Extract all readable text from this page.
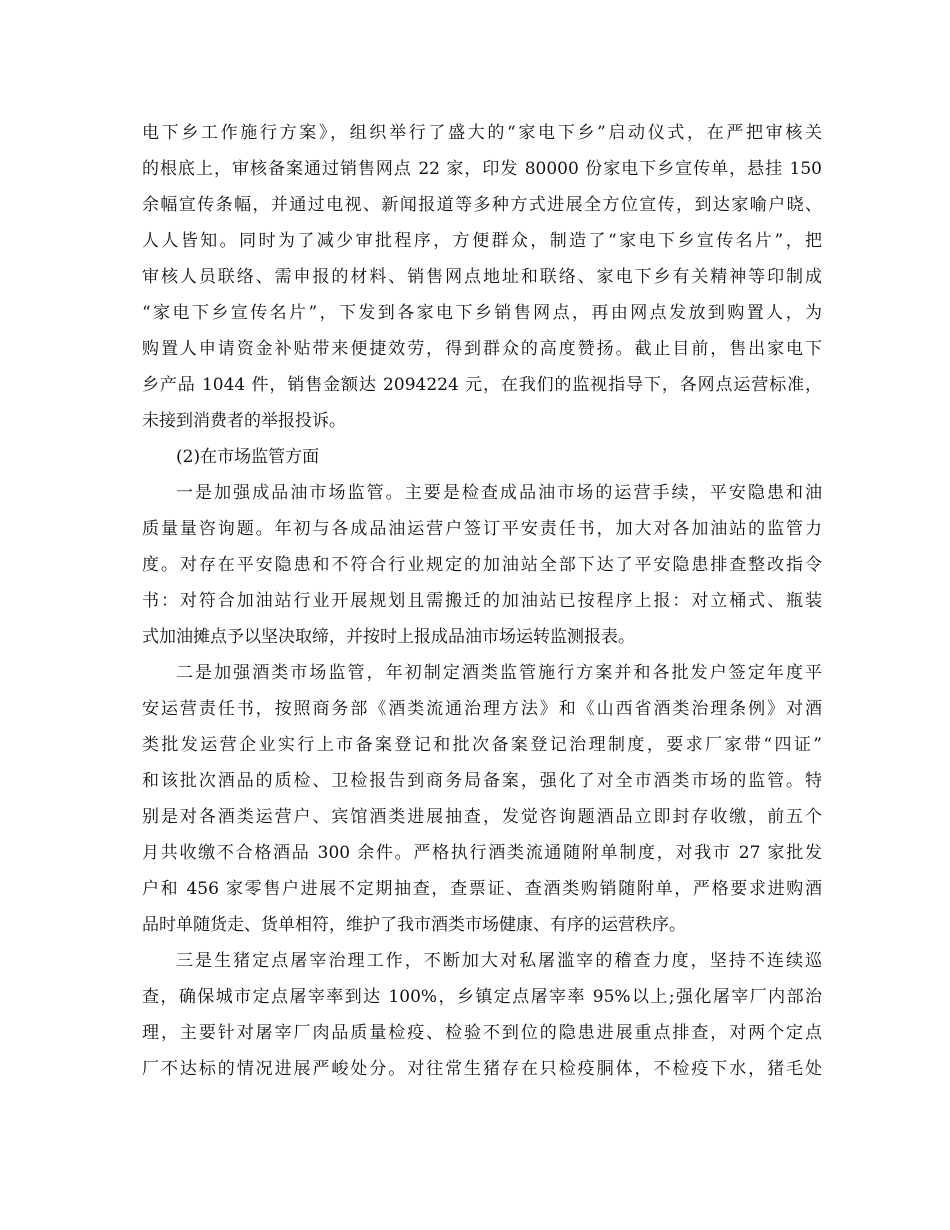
电下乡工作施行方案》，组织举行了盛大的“家电下乡”启动仪式，在严把审核关
的根底上，审核备案通过销售网点 22 家，印发 80000 份家电下乡宣传单，悬挂 150
余幅宣传条幅，并通过电视、新闻报道等多种方式进展全方位宣传，到达家喻户晓、
人人皆知。同时为了减少审批程序，方便群众，制造了“家电下乡宣传名片”，把
审核人员联络、需申报的材料、销售网点地址和联络、家电下乡有关精神等印制成
“家电下乡宣传名片”，下发到各家电下乡销售网点，再由网点发放到购置人，为
购置人申请资金补贴带来便捷效劳，得到群众的高度赞扬。截止目前，售出家电下
乡产品 1044 件，销售金额达 2094224 元，在我们的监视指导下，各网点运营标准，
未接到消费者的举报投诉。
(2)在市场监管方面
一是加强成品油市场监管。主要是检查成品油市场的运营手续，平安隐患和油
质量量咨询题。年初与各成品油运营户签订平安责任书，加大对各加油站的监管力
度。对存在平安隐患和不符合行业规定的加油站全部下达了平安隐患排查整改指令
书：对符合加油站行业开展规划且需搬迁的加油站已按程序上报：对立桶式、瓶装
式加油摊点予以坚决取缔，并按时上报成品油市场运转监测报表。
二是加强酒类市场监管，年初制定酒类监管施行方案并和各批发户签定年度平
安运营责任书，按照商务部《酒类流通治理方法》和《山西省酒类治理条例》对酒
类批发运营企业实行上市备案登记和批次备案登记治理制度，要求厂家带“四证”
和该批次酒品的质检、卫检报告到商务局备案，强化了对全市酒类市场的监管。特
别是对各酒类运营户、宾馆酒类进展抽查，发觉咨询题酒品立即封存收缴，前五个
月共收缴不合格酒品 300 余件。严格执行酒类流通随附单制度，对我市 27 家批发
户和 456 家零售户进展不定期抽查，查票证、查酒类购销随附单，严格要求进购酒
品时单随货走、货单相符，维护了我市酒类市场健康、有序的运营秩序。
三是生猪定点屠宰治理工作，不断加大对私屠滥宰的稽查力度，坚持不连续巡
查，确保城市定点屠宰率到达 100%，乡镇定点屠宰率 95%以上;强化屠宰厂内部治
理，主要针对屠宰厂肉品质量检疫、检验不到位的隐患进展重点排查，对两个定点
厂不达标的情况进展严峻处分。对往常生猪存在只检疫胴体，不检疫下水，猪毛处
